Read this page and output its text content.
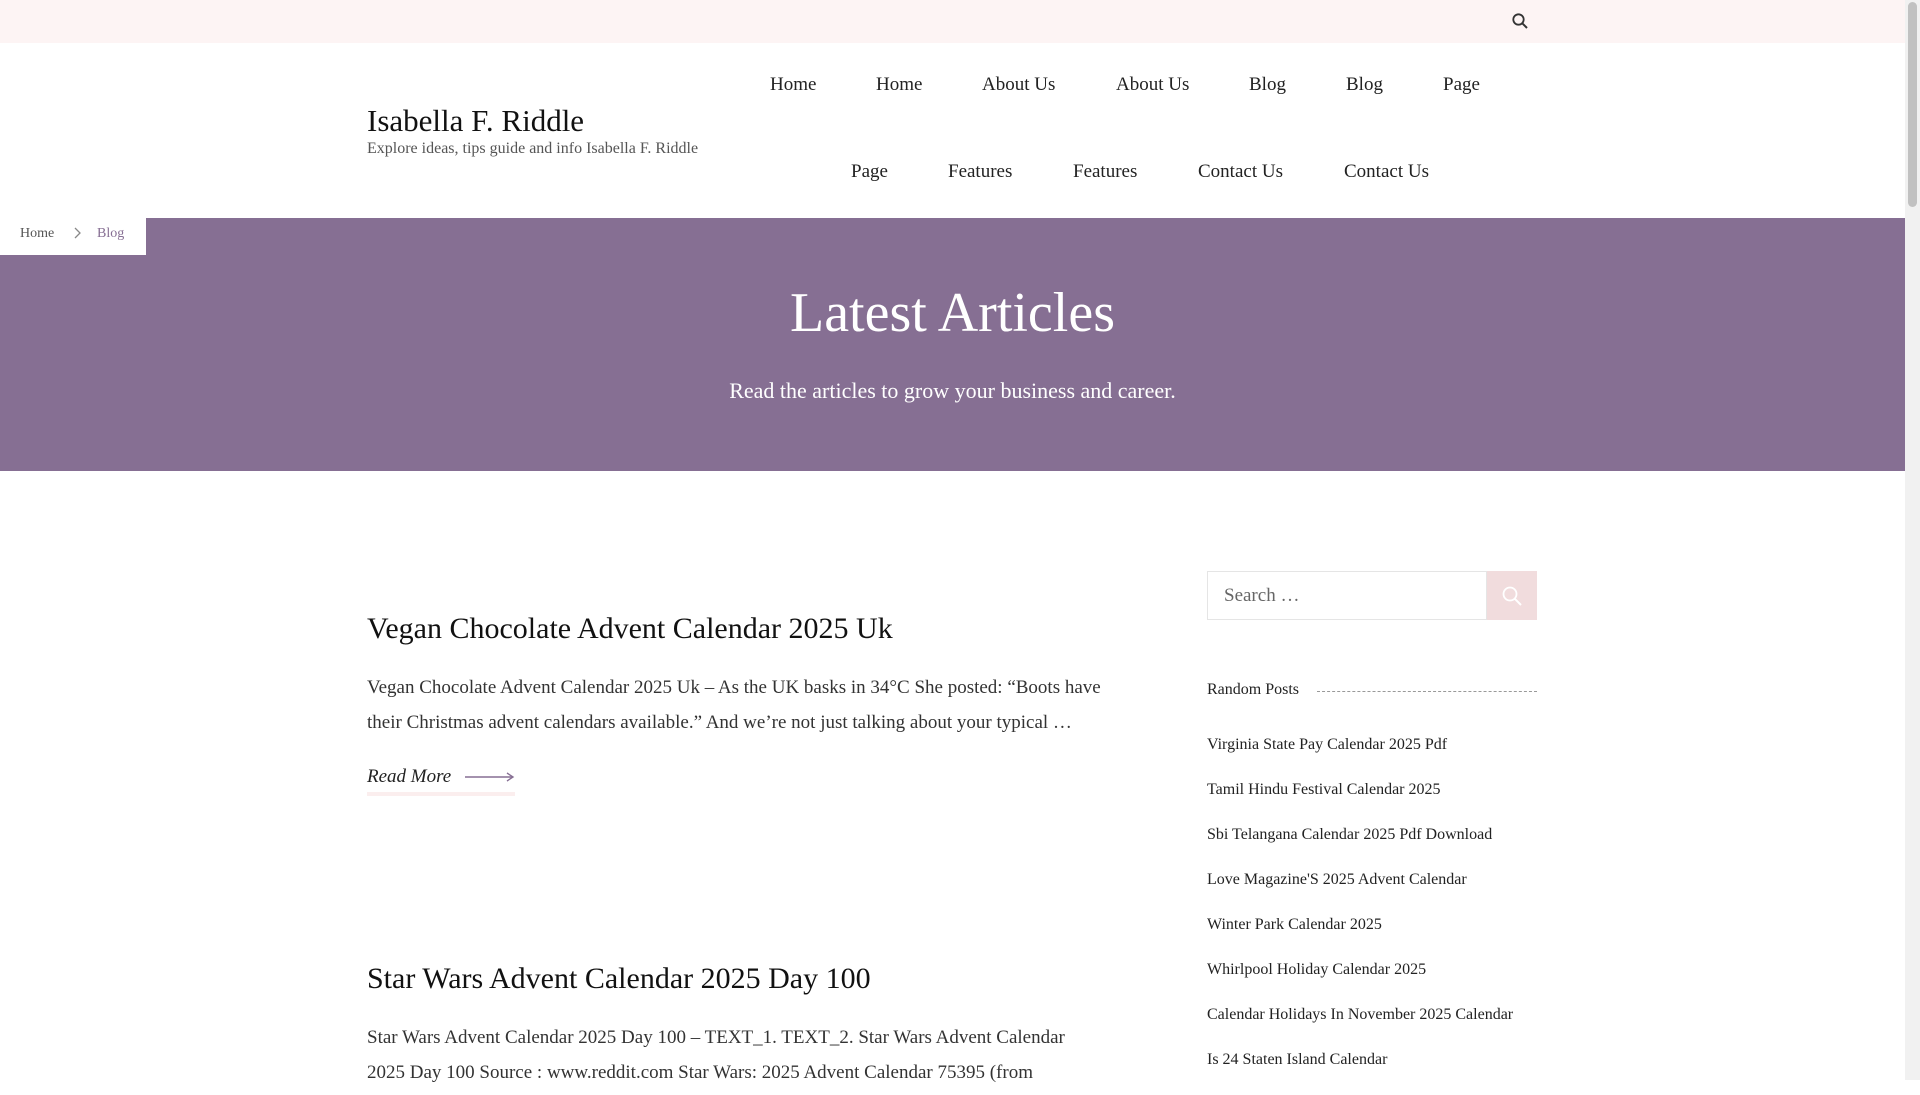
Isabella F. Riddle
Explore ideas, tips guide and info Isabella F. Riddle
Home	Home	About Us	About Us	Blog	Blog	Page
Page	Features	Features	Contact Us	Contact Us
Latest Articles
Read the articles to grow your business and career.
Home	Blog
Vegan Chocolate Advent Calendar 2025 Uk
Vegan Chocolate Advent Calendar 2025 Uk – As the UK basks in 34°C She posted: “Boots have their Christmas advent calendars available.” And we’re not just talking about your typical …
Read More
Star Wars Advent Calendar 2025 Day 100
Star Wars Advent Calendar 2025 Day 100 – TEXT_1. TEXT_2. Star Wars Advent Calendar 2025 Day 100 Source : www.reddit.com Star Wars: 2025 Advent Calendar 75395 (from
Search …
Random Posts
Virginia State Pay Calendar 2025 Pdf
Tamil Hindu Festival Calendar 2025
Sbi Telangana Calendar 2025 Pdf Download
Love Magazine'S 2025 Advent Calendar
Winter Park Calendar 2025
Whirlpool Holiday Calendar 2025
Calendar Holidays In November 2025 Calendar
Is 24 Staten Island Calendar
